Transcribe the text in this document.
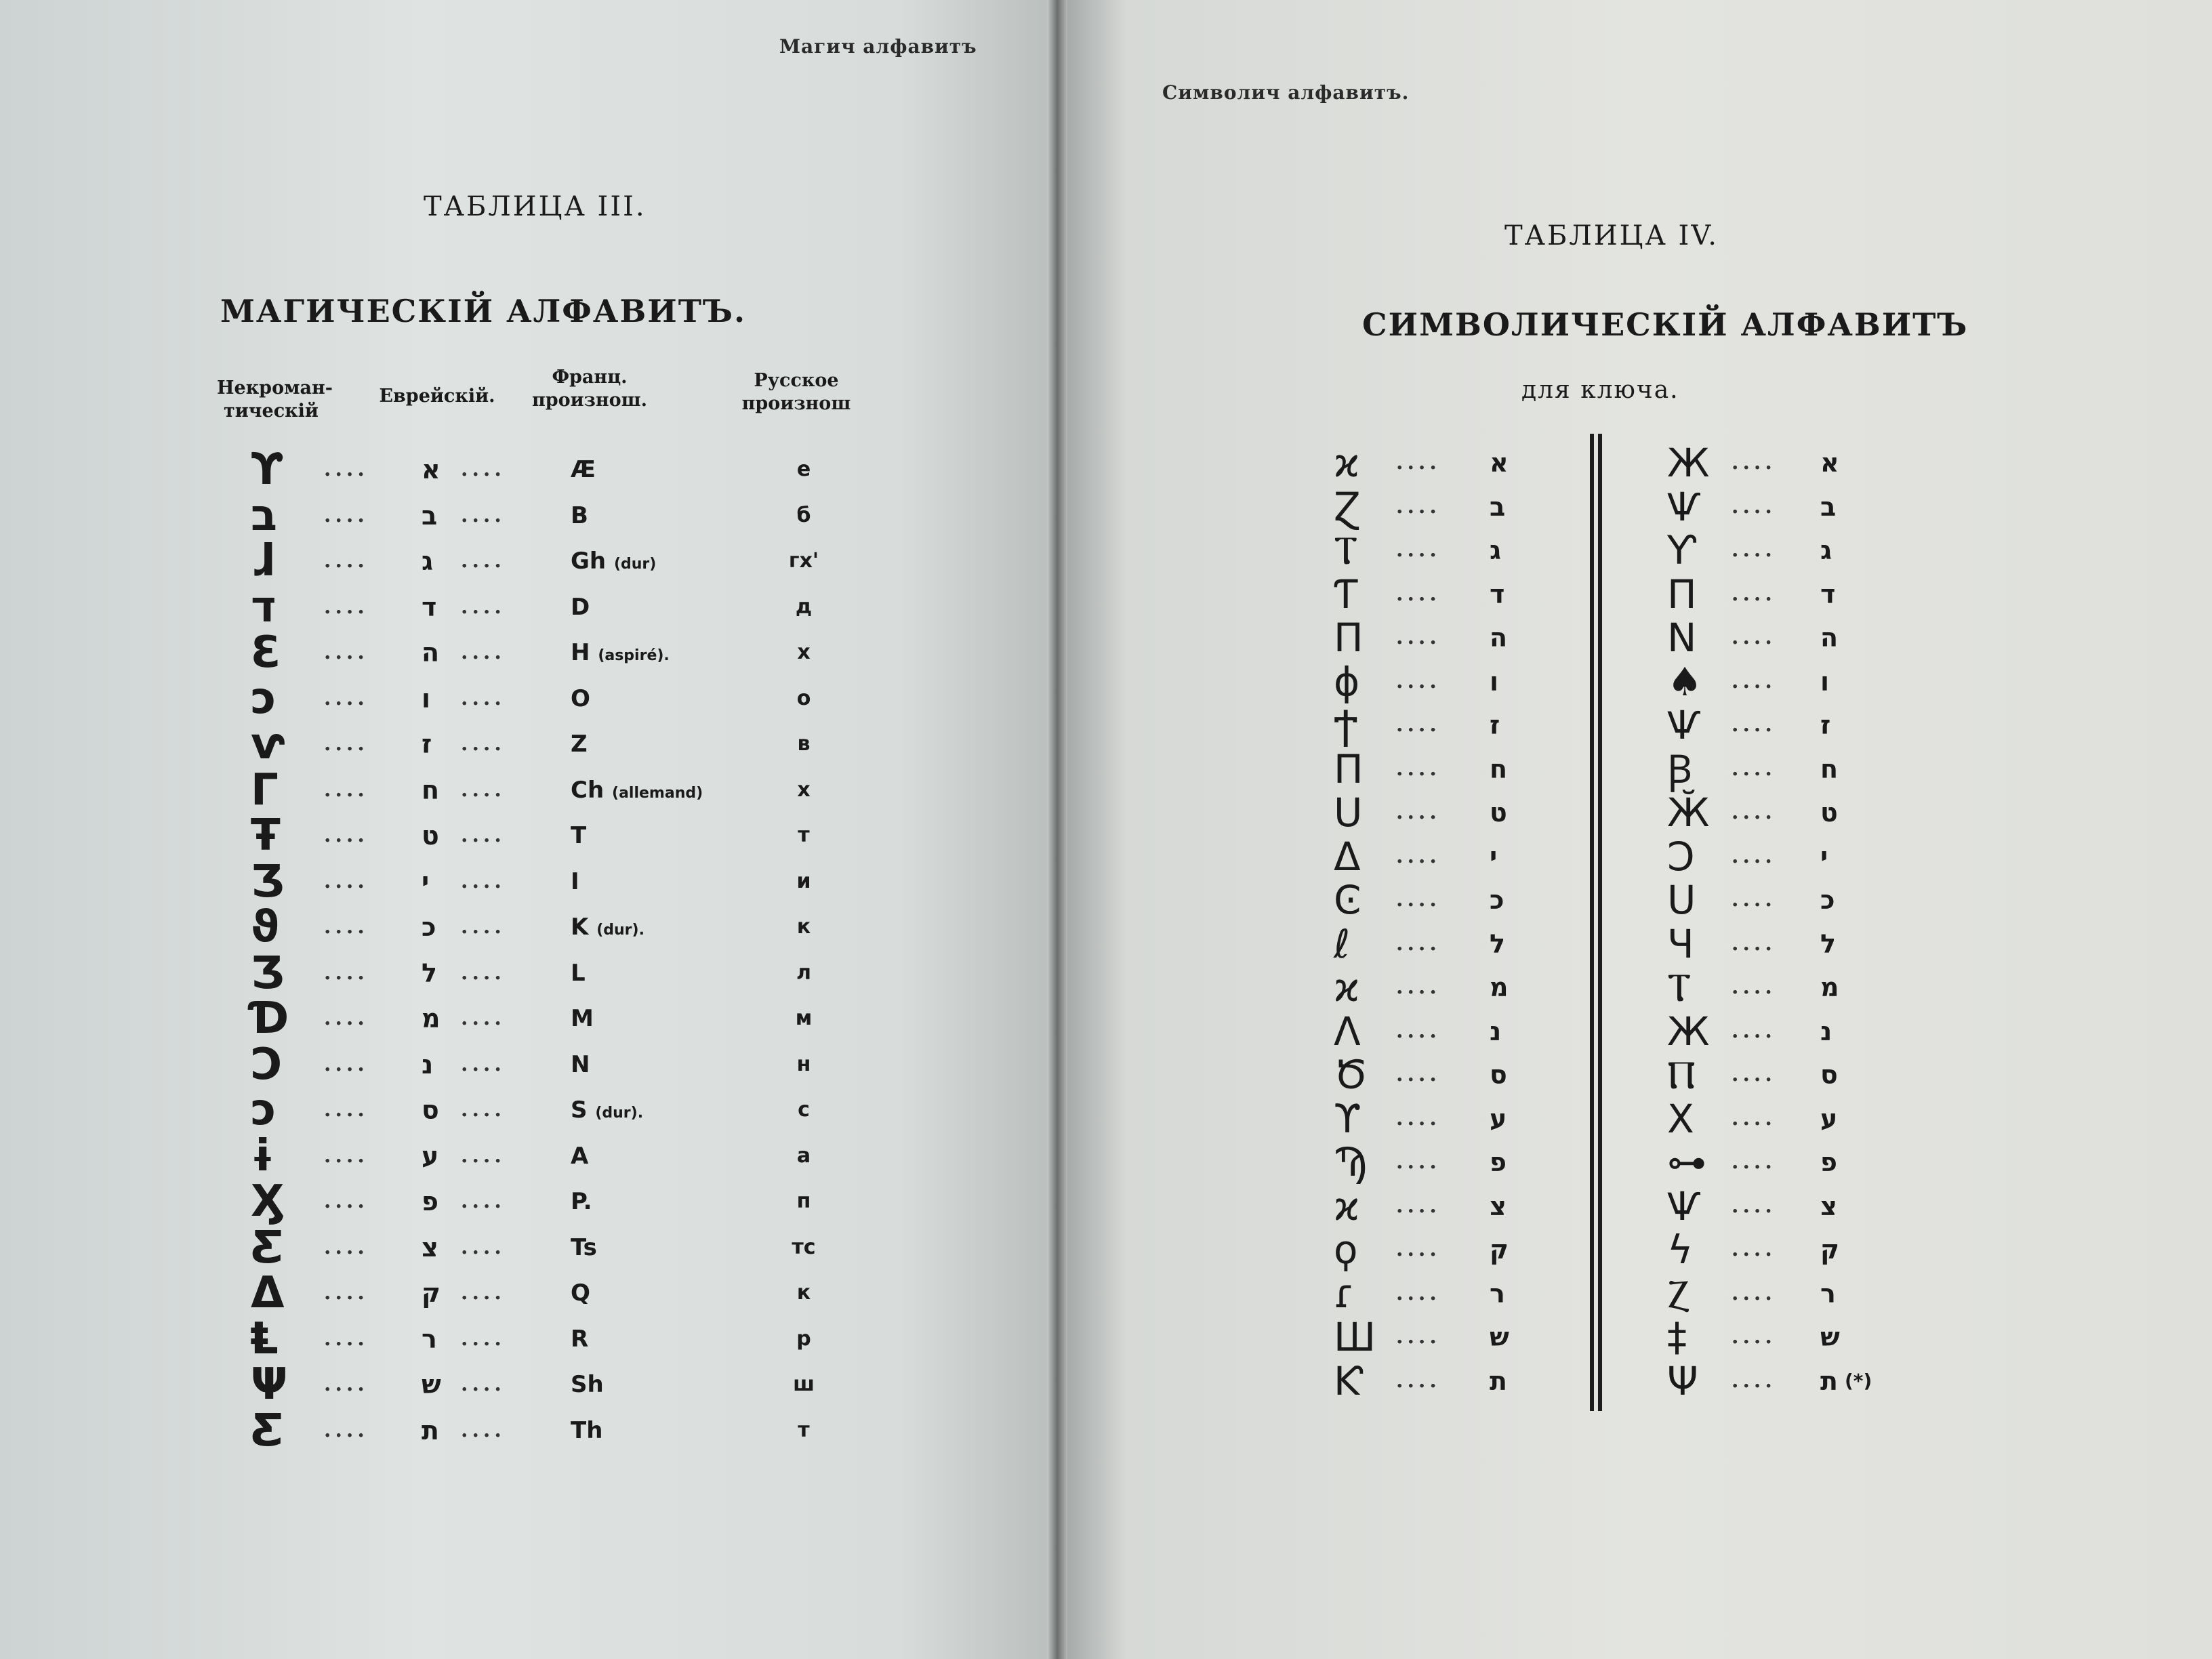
Магич алфавитъ
ТАБЛИЦА III.
МАГИЧЕСКІЙ АЛФАВИТЪ.
Некроман- тическій
Еврейскій.
Франц. произнош.
Русское произнош
ϒ .... א ....	Æ	е
ב .... ב ....	B	б
ɺ .... ג ....	Gh (dur)	гх'
ד .... ד ....	D	д
Ɛ .... ה ....	H (aspiré).	х
ɔ .... ו ....	O	о
ⱱ .... ז ....	Z	в
Γ .... ח ....	Ch (allemand)	х
Ŧ .... ט ....	T	т
Ʒ .... י ....	I	и
ϑ .... כ ....	K (dur).	к
Ʒ .... ל ....	L	л
Ɗ .... מ ....	M	м
Ɔ .... נ ....	N	н
ɔ .... ס ....	S (dur).	с
ɨ .... ע ....	A	а
Ӽ .... פ ....	P.	п
Ƹ .... צ ....	Ts	тс
Δ .... ק ....	Q	к
Ⱡ .... ר ....	R	р
Ψ .... ש ....	Sh	ш
Ƹ .... ת ....	Th	т
Символич алфавитъ.
ТАБЛИЦА IV.
СИМВОЛИЧЕСКІЙ АЛФАВИТЪ
для ключа.
ϰ .... א
Ɀ .... ב
Ⲧ .... ג
Ƭ .... ד
Π .... ה
ϕ .... ו
Ϯ .... ז
Π .... ח
U .... ט
Δ .... י
Ͼ .... כ
ℓ .... ל
ϰ .... מ
Λ .... נ
Ծ .... ס
ϒ .... ע
Ϡ .... פ
ϰ .... צ
ϙ .... ק
ɾ .... ר
Ш .... ש
Ƙ .... ת
Ж .... א
Ѱ .... ב
Ƴ .... ג
Π .... ד
Ν .... ה
♠ .... ו
Ѱ .... ז
Ꞵ .... ח
Ӂ .... ט
Ͻ .... י
Ս .... כ
Ч .... ל
Ⲧ .... מ
Ж .... נ
Ⲡ .... ס
Χ .... ע
⊶ .... פ
Ѱ .... צ
ϟ .... ק
Ⲍ .... ר
‡ .... ש
Ψ .... ת (*)
